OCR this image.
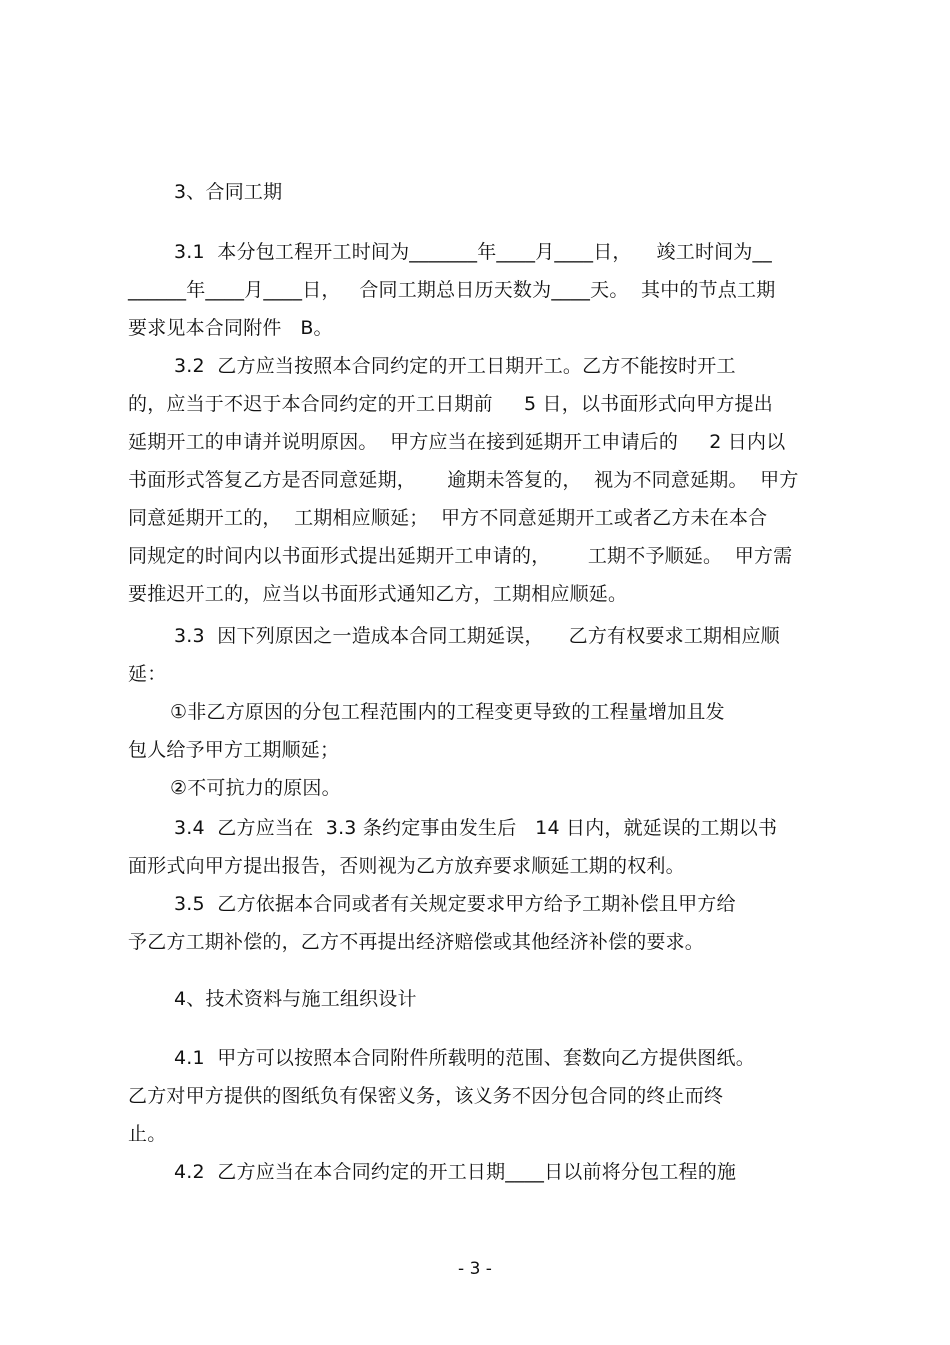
3、合同工期
3.1  本分包工程开工时间为_______年____月____日，    竣工时间为__
______年____月____日，   合同工期总日历天数为____天。  其中的节点工期
要求见本合同附件   B。
3.2  乙方应当按照本合同约定的开工日期开工。乙方不能按时开工
的，应当于不迟于本合同约定的开工日期前     5 日，以书面形式向甲方提出
延期开工的申请并说明原因。  甲方应当在接到延期开工申请后的     2 日内以
书面形式答复乙方是否同意延期，     逾期未答复的，  视为不同意延期。  甲方
同意延期开工的，  工期相应顺延；  甲方不同意延期开工或者乙方未在本合
同规定的时间内以书面形式提出延期开工申请的，      工期不予顺延。  甲方需
要推迟开工的，应当以书面形式通知乙方，工期相应顺延。
3.3  因下列原因之一造成本合同工期延误，    乙方有权要求工期相应顺
延：
①非乙方原因的分包工程范围内的工程变更导致的工程量增加且发
包人给予甲方工期顺延；
②不可抗力的原因。
3.4  乙方应当在  3.3 条约定事由发生后   14 日内，就延误的工期以书
面形式向甲方提出报告，否则视为乙方放弃要求顺延工期的权利。
3.5  乙方依据本合同或者有关规定要求甲方给予工期补偿且甲方给
予乙方工期补偿的，乙方不再提出经济赔偿或其他经济补偿的要求。
4、技术资料与施工组织设计
4.1  甲方可以按照本合同附件所载明的范围、套数向乙方提供图纸。
乙方对甲方提供的图纸负有保密义务，该义务不因分包合同的终止而终
止。
4.2  乙方应当在本合同约定的开工日期____日以前将分包工程的施
- 3 -
